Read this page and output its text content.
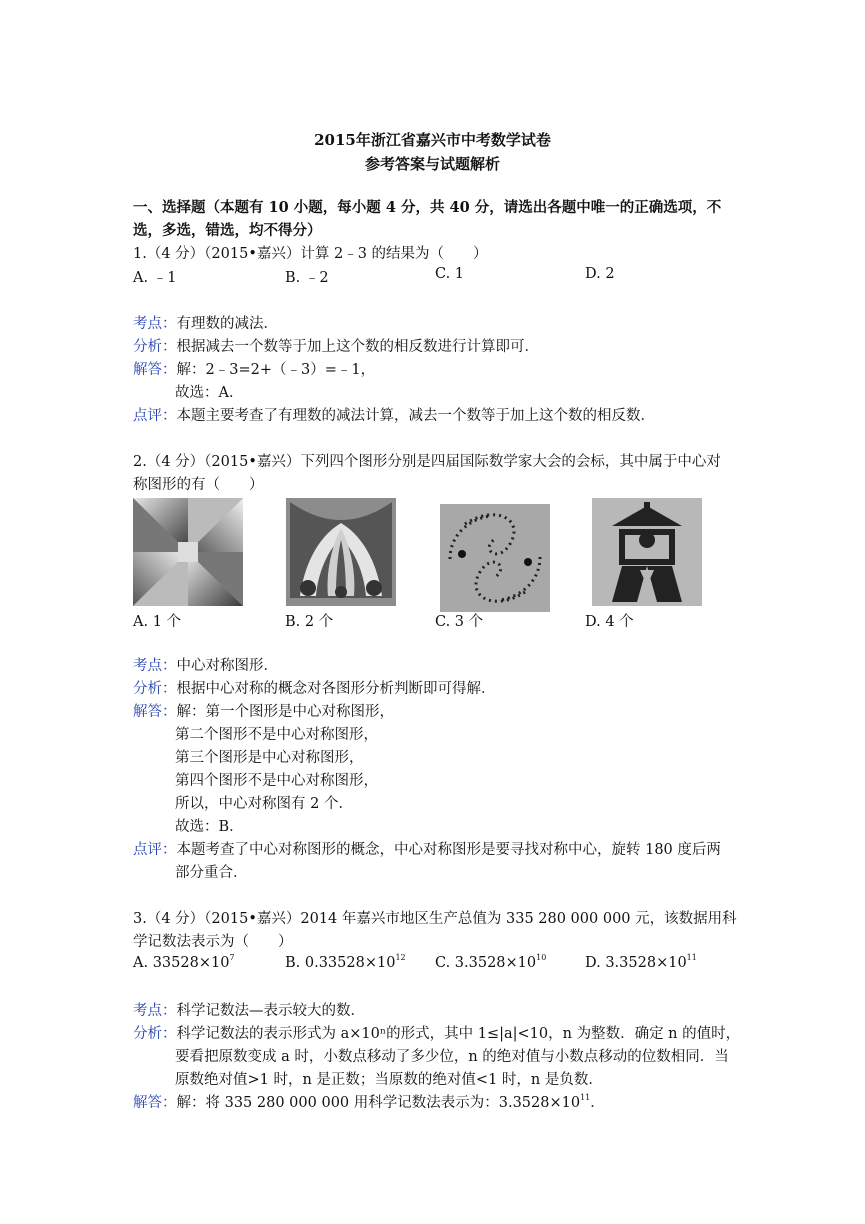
2015年浙江省嘉兴市中考数学试卷
参考答案与试题解析
一、选择题（本题有 10 小题，每小题 4 分，共 40 分，请选出各题中唯一的正确选项，不
选，多选，错选，均不得分）
1.（4 分）（2015•嘉兴）计算 2﹣3 的结果为（　　）
A. ﹣1	B. ﹣2	C. 1	D. 2
考点：有理数的减法．
分析：根据减去一个数等于加上这个数的相反数进行计算即可．
解答：解：2﹣3=2+（﹣3）=﹣1，
故选：A．
点评：本题主要考查了有理数的减法计算，减去一个数等于加上这个数的相反数．
2.（4 分）（2015•嘉兴）下列四个图形分别是四届国际数学家大会的会标，其中属于中心对
称图形的有（　　）
A. 1 个	B. 2 个	C. 3 个	D. 4 个
考点：中心对称图形．
分析：根据中心对称的概念对各图形分析判断即可得解．
解答：解：第一个图形是中心对称图形，
第二个图形不是中心对称图形，
第三个图形是中心对称图形，
第四个图形不是中心对称图形，
所以，中心对称图有 2 个．
故选：B．
点评：本题考查了中心对称图形的概念，中心对称图形是要寻找对称中心，旋转 180 度后两
部分重合．
3.（4 分）（2015•嘉兴）2014 年嘉兴市地区生产总值为 335 280 000 000 元，该数据用科
学记数法表示为（　　）
A. $33528\times 10^7$	B. $0.33528\times 10^{12}$ C. $3.3528\times 10^{10}$	D. $3.3528\times 10^{11}$
考点：科学记数法—表示较大的数．
分析：科学记数法的表示形式为 a×10ⁿ的形式，其中 1≤|a|<10，n 为整数．确定 n 的值时，
要看把原数变成 a 时，小数点移动了多少位，n 的绝对值与小数点移动的位数相同．当
原数绝对值>1 时，n 是正数；当原数的绝对值<1 时，n 是负数．
解答：解：将 335 280 000 000 用科学记数法表示为：$3.3528\times 10^{11}$．
